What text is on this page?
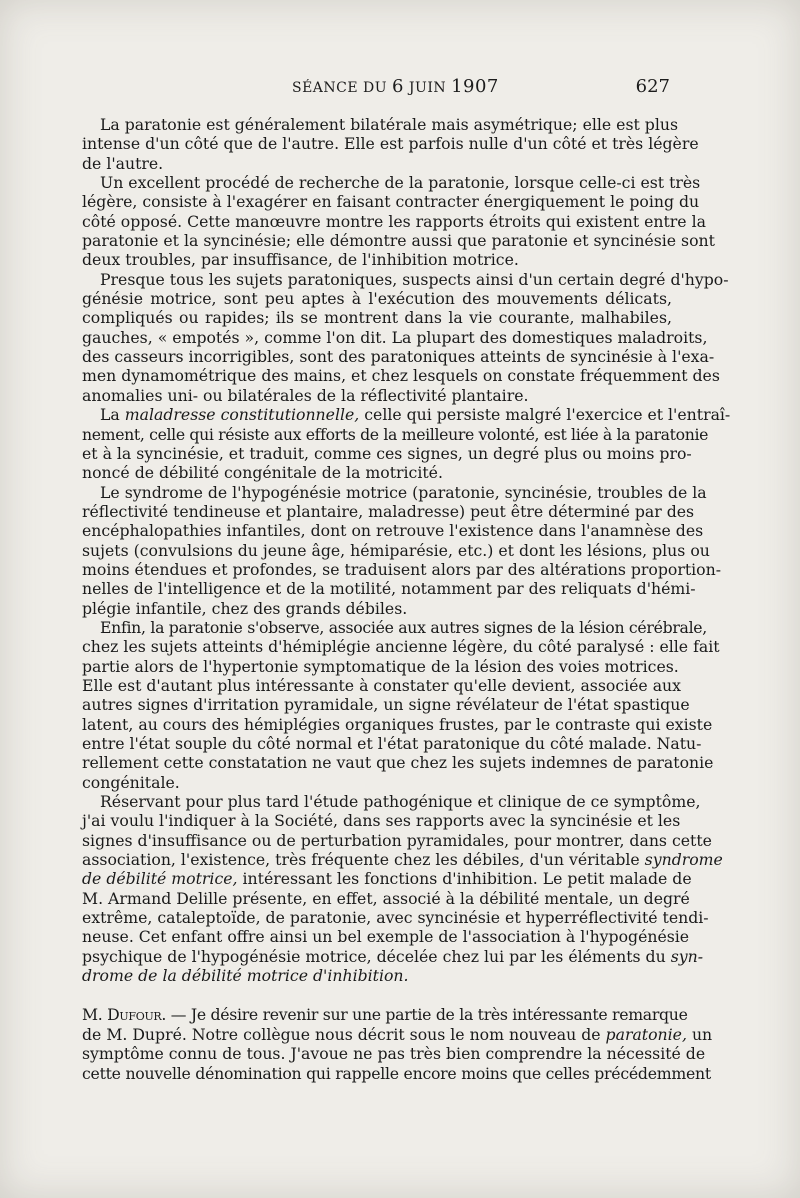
SÉANCE DU 6 JUIN 1907	627
La paratonie est généralement bilatérale mais asymétrique; elle est plus
intense d'un côté que de l'autre. Elle est parfois nulle d'un côté et très légère
de l'autre.
Un excellent procédé de recherche de la paratonie, lorsque celle-ci est très
légère, consiste à l'exagérer en faisant contracter énergiquement le poing du
côté opposé. Cette manœuvre montre les rapports étroits qui existent entre la
paratonie et la syncinésie; elle démontre aussi que paratonie et syncinésie sont
deux troubles, par insuffisance, de l'inhibition motrice.
Presque tous les sujets paratoniques, suspects ainsi d'un certain degré d'hypo-
génésie motrice, sont peu aptes à l'exécution des mouvements délicats,
compliqués ou rapides; ils se montrent dans la vie courante, malhabiles,
gauches, « empotés », comme l'on dit. La plupart des domestiques maladroits,
des casseurs incorrigibles, sont des paratoniques atteints de syncinésie à l'exa-
men dynamométrique des mains, et chez lesquels on constate fréquemment des
anomalies uni- ou bilatérales de la réflectivité plantaire.
La maladresse constitutionnelle, celle qui persiste malgré l'exercice et l'entraî-
nement, celle qui résiste aux efforts de la meilleure volonté, est liée à la paratonie
et à la syncinésie, et traduit, comme ces signes, un degré plus ou moins pro-
noncé de débilité congénitale de la motricité.
Le syndrome de l'hypogénésie motrice (paratonie, syncinésie, troubles de la
réflectivité tendineuse et plantaire, maladresse) peut être déterminé par des
encéphalopathies infantiles, dont on retrouve l'existence dans l'anamnèse des
sujets (convulsions du jeune âge, hémiparésie, etc.) et dont les lésions, plus ou
moins étendues et profondes, se traduisent alors par des altérations proportion-
nelles de l'intelligence et de la motilité, notamment par des reliquats d'hémi-
plégie infantile, chez des grands débiles.
Enfin, la paratonie s'observe, associée aux autres signes de la lésion cérébrale,
chez les sujets atteints d'hémiplégie ancienne légère, du côté paralysé : elle fait
partie alors de l'hypertonie symptomatique de la lésion des voies motrices.
Elle est d'autant plus intéressante à constater qu'elle devient, associée aux
autres signes d'irritation pyramidale, un signe révélateur de l'état spastique
latent, au cours des hémiplégies organiques frustes, par le contraste qui existe
entre l'état souple du côté normal et l'état paratonique du côté malade. Natu-
rellement cette constatation ne vaut que chez les sujets indemnes de paratonie
congénitale.
Réservant pour plus tard l'étude pathogénique et clinique de ce symptôme,
j'ai voulu l'indiquer à la Société, dans ses rapports avec la syncinésie et les
signes d'insuffisance ou de perturbation pyramidales, pour montrer, dans cette
association, l'existence, très fréquente chez les débiles, d'un véritable syndrome
de débilité motrice, intéressant les fonctions d'inhibition. Le petit malade de
M. Armand Delille présente, en effet, associé à la débilité mentale, un degré
extrême, cataleptoïde, de paratonie, avec syncinésie et hyperréflectivité tendi-
neuse. Cet enfant offre ainsi un bel exemple de l'association à l'hypogénésie
psychique de l'hypogénésie motrice, décelée chez lui par les éléments du syn-
drome de la débilité motrice d'inhibition.
M. Dufour. — Je désire revenir sur une partie de la très intéressante remarque
de M. Dupré. Notre collègue nous décrit sous le nom nouveau de paratonie, un
symptôme connu de tous. J'avoue ne pas très bien comprendre la nécessité de
cette nouvelle dénomination qui rappelle encore moins que celles précédemment
